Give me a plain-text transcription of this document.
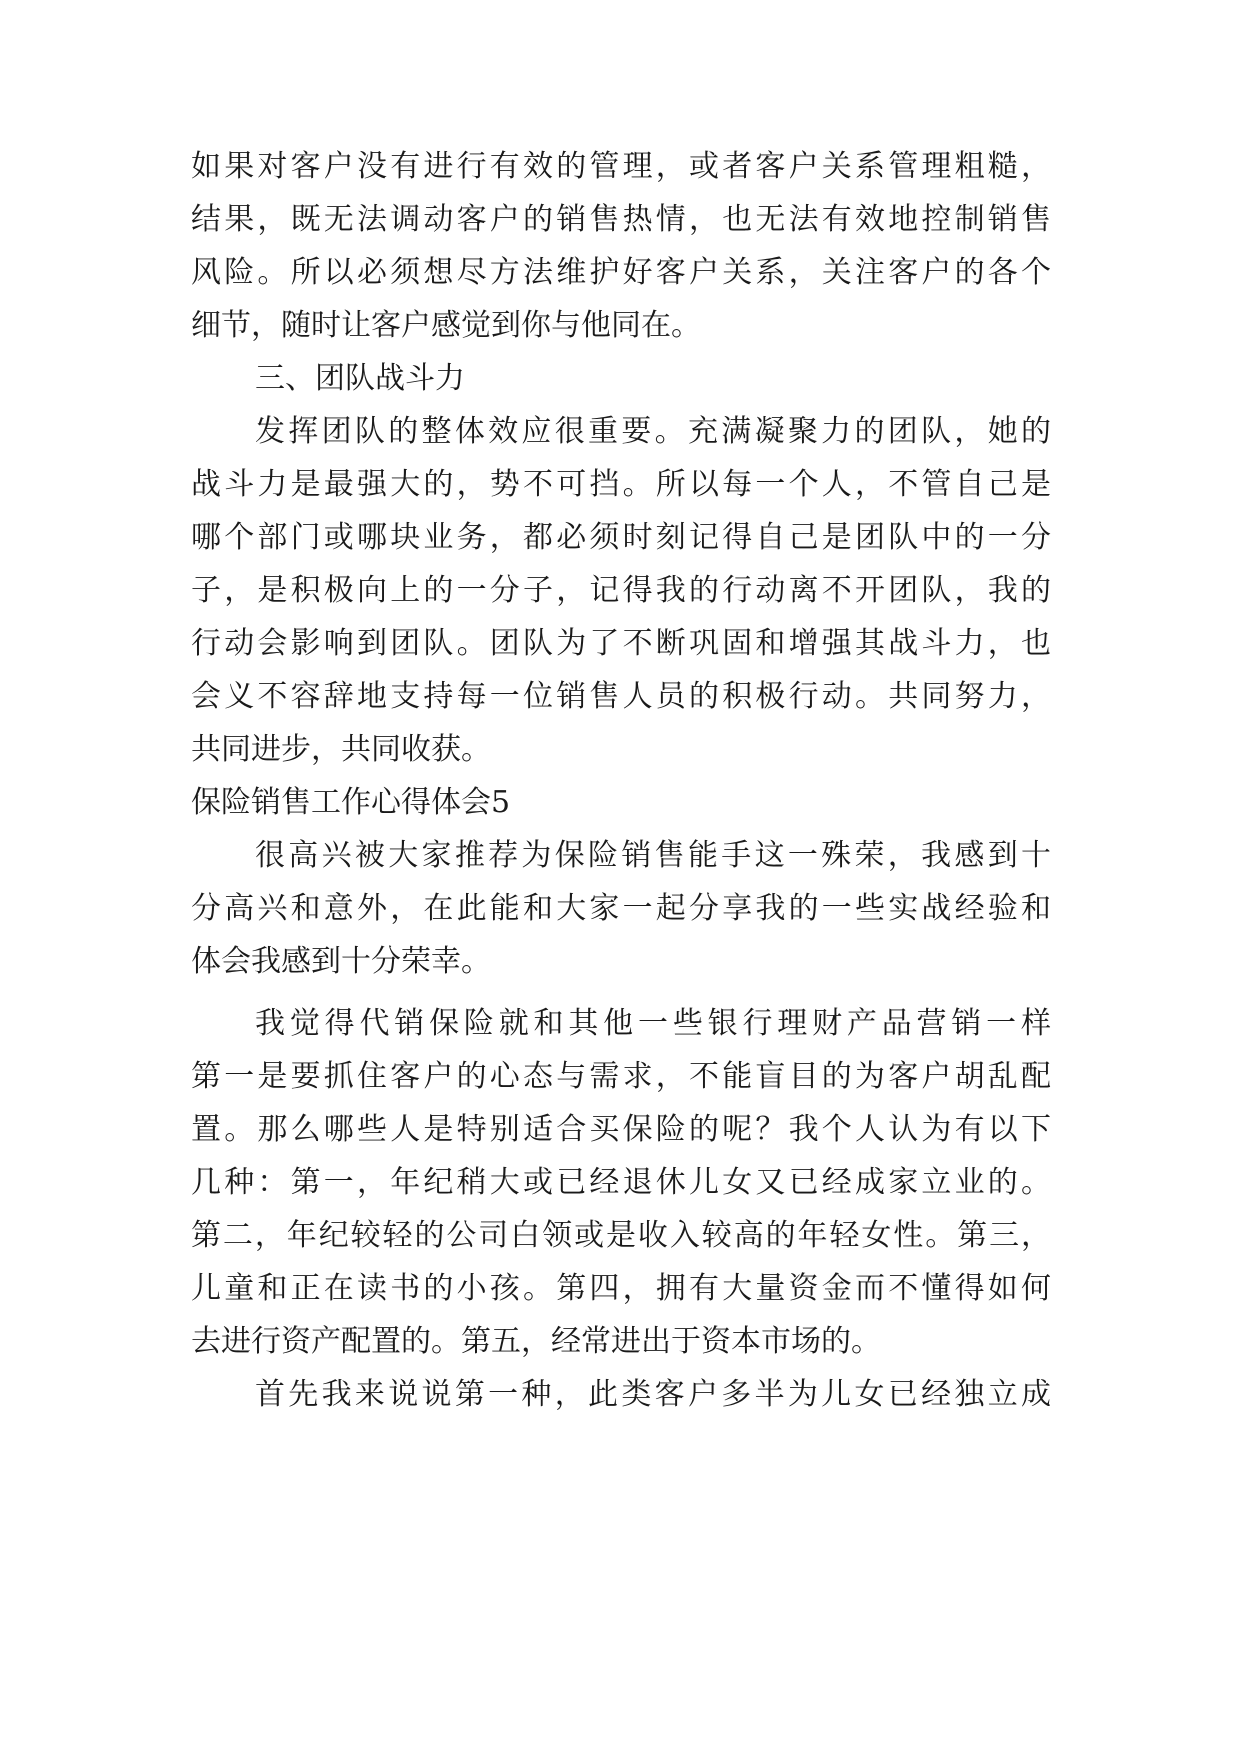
如果对客户没有进行有效的管理，或者客户关系管理粗糙，
结果，既无法调动客户的销售热情，也无法有效地控制销售
风险。所以必须想尽方法维护好客户关系，关注客户的各个
细节，随时让客户感觉到你与他同在。
三、团队战斗力
发挥团队的整体效应很重要。充满凝聚力的团队，她的
战斗力是最强大的，势不可挡。所以每一个人，不管自己是
哪个部门或哪块业务，都必须时刻记得自己是团队中的一分
子，是积极向上的一分子，记得我的行动离不开团队，我的
行动会影响到团队。团队为了不断巩固和增强其战斗力，也
会义不容辞地支持每一位销售人员的积极行动。共同努力，
共同进步，共同收获。
保险销售工作心得体会5
很高兴被大家推荐为保险销售能手这一殊荣，我感到十
分高兴和意外，在此能和大家一起分享我的一些实战经验和
体会我感到十分荣幸。
我觉得代销保险就和其他一些银行理财产品营销一样
第一是要抓住客户的心态与需求，不能盲目的为客户胡乱配
置。那么哪些人是特别适合买保险的呢？我个人认为有以下
几种：第一，年纪稍大或已经退休儿女又已经成家立业的。
第二，年纪较轻的公司白领或是收入较高的年轻女性。第三，
儿童和正在读书的小孩。第四，拥有大量资金而不懂得如何
去进行资产配置的。第五，经常进出于资本市场的。
首先我来说说第一种，此类客户多半为儿女已经独立成
